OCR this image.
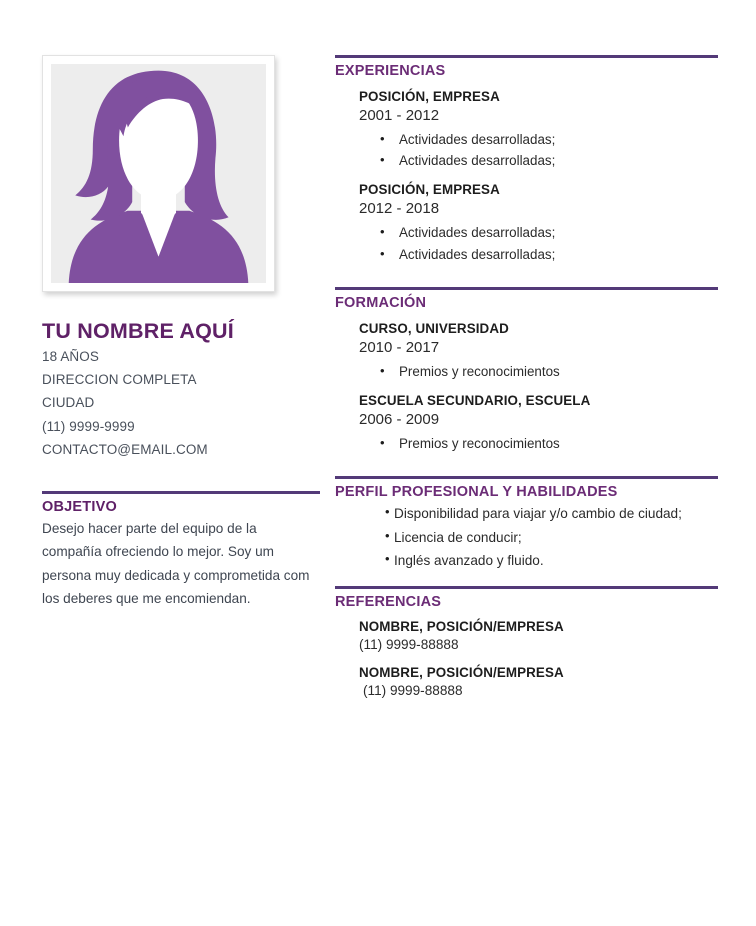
TU NOMBRE AQUÍ
18 AÑOS
DIRECCION COMPLETA
CIUDAD
(11) 9999-9999
CONTACTO@EMAIL.COM
OBJETIVO
Desejo hacer parte del equipo de la compañía ofreciendo lo mejor. Soy um persona muy dedicada y comprometida com los deberes que me encomiendan.
EXPERIENCIAS
POSICIÓN, EMPRESA
2001 - 2012
• Actividades desarrolladas;
• Actividades desarrolladas;
POSICIÓN, EMPRESA
2012 - 2018
• Actividades desarrolladas;
• Actividades desarrolladas;
FORMACIÓN
CURSO, UNIVERSIDAD
2010 - 2017
• Premios y reconocimientos
ESCUELA SECUNDARIO, ESCUELA
2006 - 2009
• Premios y reconocimientos
PERFIL PROFESIONAL Y HABILIDADES
• Disponibilidad para viajar y/o cambio de ciudad;
• Licencia de conducir;
• Inglés avanzado y fluido.
REFERENCIAS
NOMBRE, POSICIÓN/EMPRESA
(11) 9999-88888
NOMBRE, POSICIÓN/EMPRESA
(11) 9999-88888
